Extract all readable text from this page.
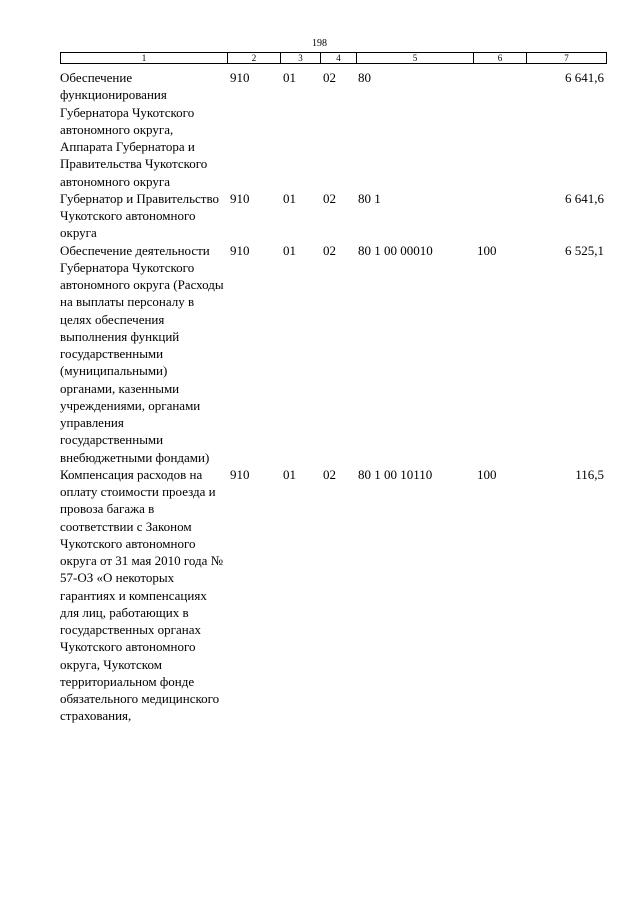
198
1	2	3	4	5	6	7
Обеспечение функционирования Губернатора Чукотского автономного округа, Аппарата Губернатора и Правительства Чукотского автономного округа	910	01	02	80		6 641,6
Губернатор и Правительство Чукотского автономного округа	910	01	02	80 1		6 641,6
Обеспечение деятельности Губернатора Чукотского автономного округа (Расходы на выплаты персоналу в целях обеспечения выполнения функций государственными (муниципальными) органами, казенными учреждениями, органами управления государственными внебюджетными фондами)	910	01	02	80 1 00 00010	100	6 525,1
Компенсация расходов на оплату стоимости проезда и провоза багажа в соответствии с Законом Чукотского автономного округа от 31 мая 2010 года № 57-ОЗ «О некоторых гарантиях и компенсациях для лиц, работающих в государственных органах Чукотского автономного округа, Чукотском территориальном фонде обязательного медицинского страхования,	910	01	02	80 1 00 10110	100	116,5
